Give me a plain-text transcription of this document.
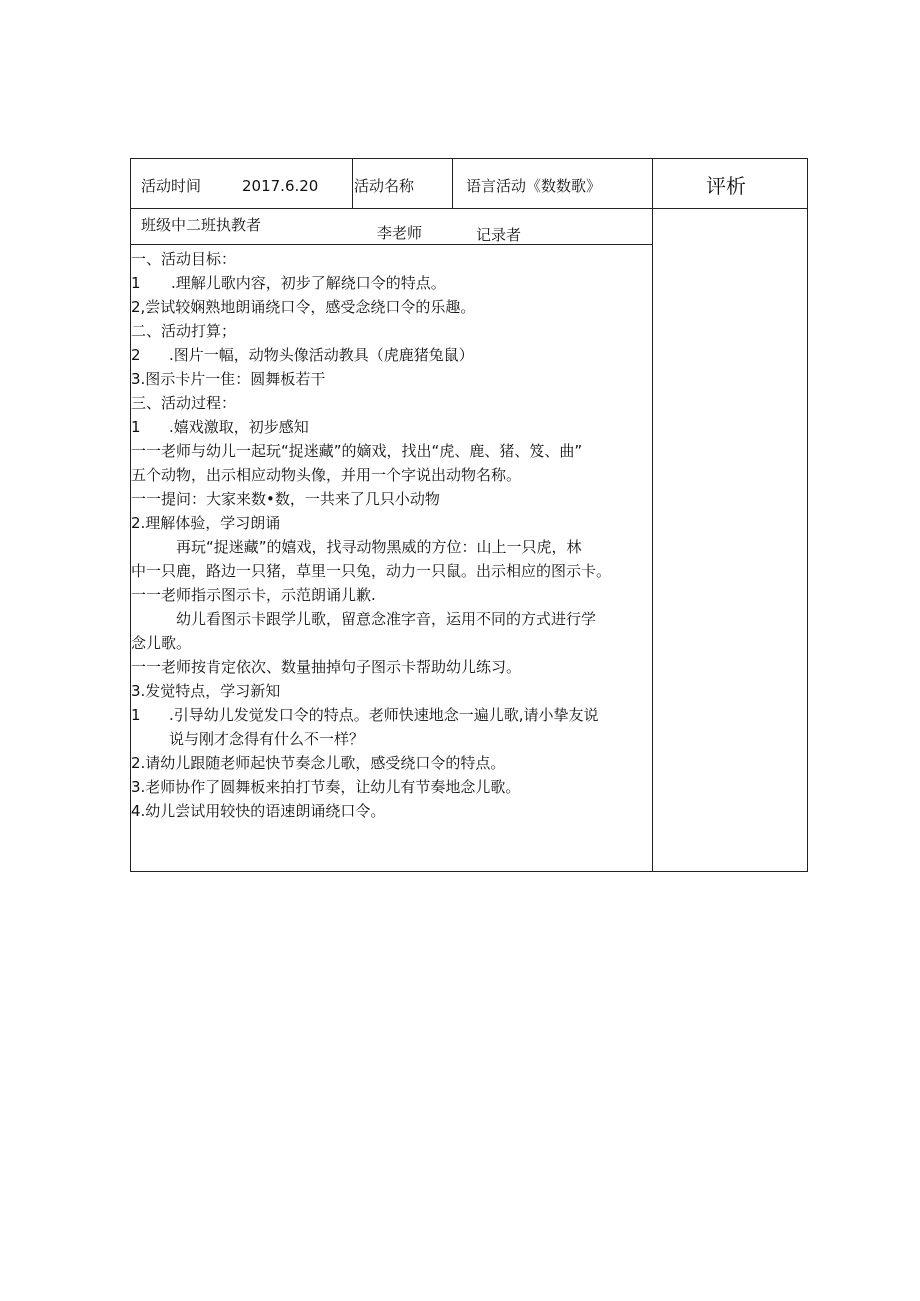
活动时间	2017.6.20 活动名称	语言活动《数数歌》	评析
班级中二班执教者	李老师	记录者
一、活动目标：
1 .理解儿歌内容，初步了解绕口令的特点。
2,尝试较娴熟地朗诵绕口令，感受念绕口令的乐趣。
二、活动打算；
2 .图片一幅，动物头像活动教具（虎鹿猪兔鼠）
3.图示卡片一隹：圆舞板若干
三、活动过程：
1 .嬉戏激取，初步感知
一一老师与幼儿一起玩“捉迷藏”的嫡戏，找出“虎、鹿、猪、笈、曲”
五个动物，出示相应动物头像，并用一个字说出动物名称。
一一提问：大家来数•数，一共来了几只小动物
2.理解体验，学习朗诵
再玩“捉迷藏”的嬉戏，找寻动物黑威的方位：山上一只虎，林
中一只鹿，路边一只猪，草里一只兔，动力一只鼠。出示相应的图示卡。
一一老师指示图示卡，示范朗诵儿歉.
幼儿看图示卡跟学儿歌，留意念准字音，运用不同的方式进行学
念儿歌。
一一老师按肯定依次、数量抽掉句子图示卡帮助幼儿练习。
3.发觉特点，学习新知
1 .引导幼儿发觉发口令的特点。老师快速地念一遍儿歌,请小挚友说
说与刚才念得有什么不一样？
2.请幼儿跟随老师起快节奏念儿歌，感受绕口令的特点。
3.老师协作了圆舞板来拍打节奏，让幼儿有节奏地念儿歌。
4.幼儿尝试用较快的语速朗诵绕口令。
